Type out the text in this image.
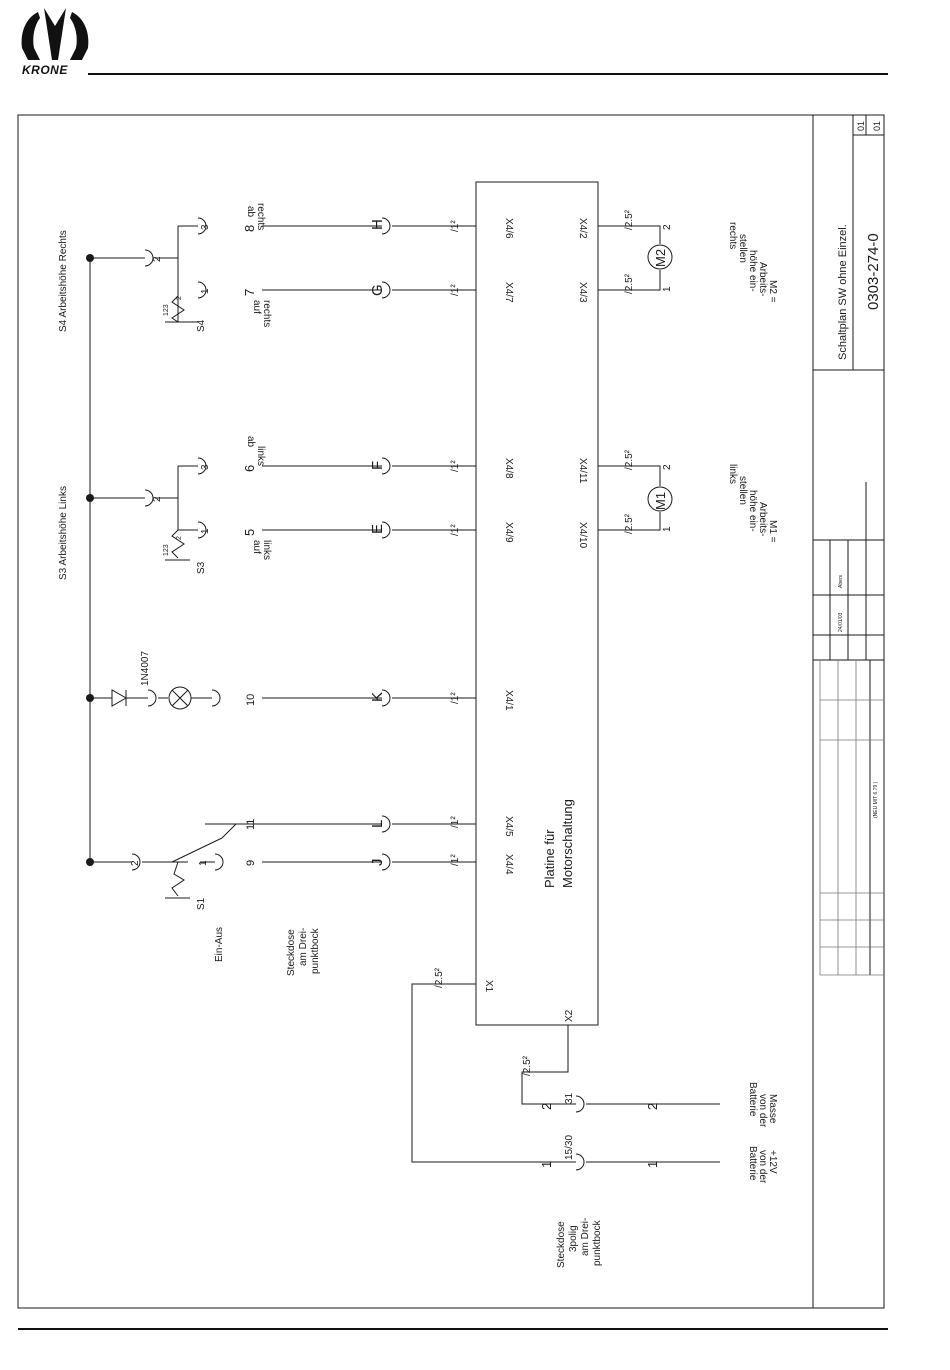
KRONE
Schaltplan SW ohne Einzel. 0303-274-0
01 01
24/01/03
Abers
(NEU MIT 6.79 )
S4 Arbeitshöhe Rechts	S4
123
2
2
1
3
S3 Arbeitshöhe Links	S3
123
2
2
1
3
1N4007
S1
Ein-Aus
2	1
8
7
6
5
10
11
9
ab rechts
auf rechts
ab
links
auf links
Steckdose am Drei- punktbock
H
G
F
E
K
L
J
/1²
/1²
/1²
/1²
/1²
/1²
/1²	Platine für Motorschaltung
X4/6
X4/7
X4/8
X4/9
X4/1
X4/5
X4/4
X4/2
X4/3
X4/11
X4/10
X1
X2
M2
/2.5²
/2.5²
2
1
M1
/2.5²
/2.5²
2
1
M2 =
Arbeits-
höhe ein-
stellen
rechts
M1 =
Arbeits-
höhe ein-
stellen
links
/2.5²
/2.5²
2
1
2
1
31
15/30
Steckdose 3polig am Drei- punktbock
+12V
von der
Batterie
Masse
von der
Batterie
